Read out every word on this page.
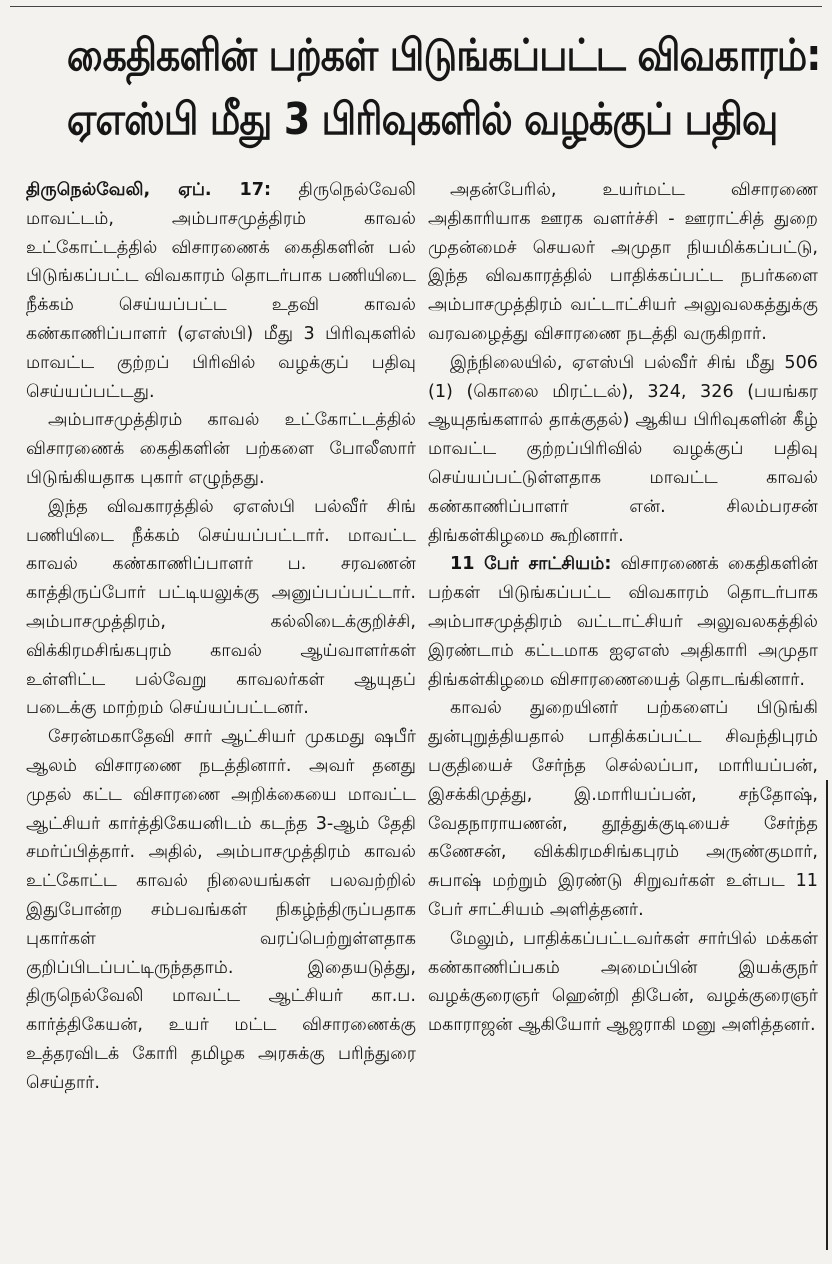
கைதிகளின் பற்கள் பிடுங்கப்பட்ட விவகாரம்:
ஏஎஸ்பி மீது 3 பிரிவுகளில் வழக்குப் பதிவு

திருநெல்வேலி, ஏப். 17: திருநெல்வேலி மாவட்டம், அம்பாசமுத்திரம் காவல் உட்கோட்டத்தில் விசாரணைக் கைதிகளின் பல் பிடுங்கப்பட்ட விவகாரம் தொடர்பாக பணியிடை நீக்கம் செய்யப்பட்ட உதவி காவல் கண்காணிப்பாளர் (ஏஎஸ்பி) மீது 3 பிரிவுகளில் மாவட்ட குற்றப் பிரிவில் வழக்குப் பதிவு செய்யப்பட்டது.

அம்பாசமுத்திரம் காவல் உட்கோட்டத்தில் விசாரணைக் கைதிகளின் பற்களை போலீஸார் பிடுங்கியதாக புகார் எழுந்தது.

இந்த விவகாரத்தில் ஏஎஸ்பி பல்வீர் சிங் பணியிடை நீக்கம் செய்யப்பட்டார். மாவட்ட காவல் கண்காணிப்பாளர் ப. சரவணன் காத்திருப்போர் பட்டியலுக்கு அனுப்பப்பட்டார். அம்பாசமுத்திரம், கல்லிடைக்குறிச்சி, விக்கிரமசிங்கபுரம் காவல் ஆய்வாளர்கள் உள்ளிட்ட பல்வேறு காவலர்கள் ஆயுதப் படைக்கு மாற்றம் செய்யப்பட்டனர்.

சேரன்மகாதேவி சார் ஆட்சியர் முகமது ஷபீர் ஆலம் விசாரணை நடத்தினார். அவர் தனது முதல் கட்ட விசாரணை அறிக்கையை மாவட்ட ஆட்சியர் கார்த்திகேயனிடம் கடந்த 3-ஆம் தேதி சமர்ப்பித்தார். அதில், அம்பாசமுத்திரம் காவல் உட்கோட்ட காவல் நிலையங்கள் பலவற்றில் இதுபோன்ற சம்பவங்கள் நிகழ்ந்திருப்பதாக புகார்கள் வரப்பெற்றுள்ளதாக குறிப்பிடப்பட்டிருந்ததாம். இதையடுத்து, திருநெல்வேலி மாவட்ட ஆட்சியர் கா.ப. கார்த்திகேயன், உயர் மட்ட விசாரணைக்கு உத்தரவிடக் கோரி தமிழக அரசுக்கு பரிந்துரை செய்தார்.

அதன்பேரில், உயர்மட்ட விசாரணை அதிகாரியாக ஊரக வளர்ச்சி - ஊராட்சித் துறை முதன்மைச் செயலர் அமுதா நியமிக்கப்பட்டு, இந்த விவகாரத்தில் பாதிக்கப்பட்ட நபர்களை அம்பாசமுத்திரம் வட்டாட்சியர் அலுவலகத்துக்கு வரவழைத்து விசாரணை நடத்தி வருகிறார்.

இந்நிலையில், ஏஎஸ்பி பல்வீர் சிங் மீது 506 (1) (கொலை மிரட்டல்), 324, 326 (பயங்கர ஆயுதங்களால் தாக்குதல்) ஆகிய பிரிவுகளின் கீழ் மாவட்ட குற்றப்பிரிவில் வழக்குப் பதிவு செய்யப்பட்டுள்ளதாக மாவட்ட காவல் கண்காணிப்பாளர் என். சிலம்பரசன் திங்கள்கிழமை கூறினார்.

11 பேர் சாட்சியம்: விசாரணைக் கைதிகளின் பற்கள் பிடுங்கப்பட்ட விவகாரம் தொடர்பாக அம்பாசமுத்திரம் வட்டாட்சியர் அலுவலகத்தில் இரண்டாம் கட்டமாக ஐஏஎஸ் அதிகாரி அமுதா திங்கள்கிழமை விசாரணையைத் தொடங்கினார்.

காவல் துறையினர் பற்களைப் பிடுங்கி துன்புறுத்தியதால் பாதிக்கப்பட்ட சிவந்திபுரம் பகுதியைச் சேர்ந்த செல்லப்பா, மாரியப்பன், இசக்கிமுத்து, இ.மாரியப்பன், சந்தோஷ், வேதநாராயணன், தூத்துக்குடியைச் சேர்ந்த கணேசன், விக்கிரமசிங்கபுரம் அருண்குமார், சுபாஷ் மற்றும் இரண்டு சிறுவர்கள் உள்பட 11 பேர் சாட்சியம் அளித்தனர்.

மேலும், பாதிக்கப்பட்டவர்கள் சார்பில் மக்கள் கண்காணிப்பகம் அமைப்பின் இயக்குநர் வழக்குரைஞர் ஹென்றி திபேன், வழக்குரைஞர் மகாராஜன் ஆகியோர் ஆஜராகி மனு அளித்தனர்.
